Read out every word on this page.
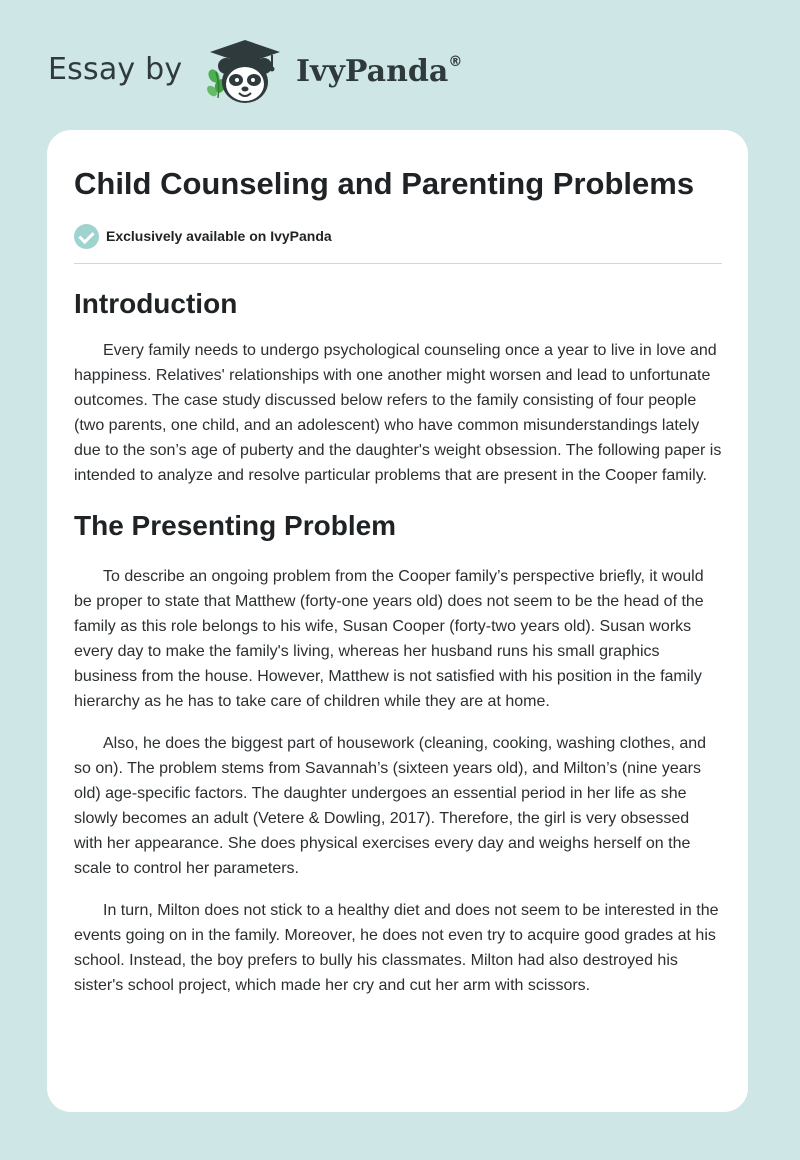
Essay by	IvyPanda®
Child Counseling and Parenting Problems
Exclusively available on IvyPanda
Introduction

Every family needs to undergo psychological counseling once a year to live in love and happiness. Relatives' relationships with one another might worsen and lead to unfortunate outcomes. The case study discussed below refers to the family consisting of four people (two parents, one child, and an adolescent) who have common misunderstandings lately due to the son’s age of puberty and the daughter's weight obsession. The following paper is intended to analyze and resolve particular problems that are present in the Cooper family.

The Presenting Problem

To describe an ongoing problem from the Cooper family’s perspective briefly, it would be proper to state that Matthew (forty-one years old) does not seem to be the head of the family as this role belongs to his wife, Susan Cooper (forty-two years old). Susan works every day to make the family's living, whereas her husband runs his small graphics business from the house. However, Matthew is not satisfied with his position in the family hierarchy as he has to take care of children while they are at home.

Also, he does the biggest part of housework (cleaning, cooking, washing clothes, and so on). The problem stems from Savannah’s (sixteen years old), and Milton’s (nine years old) age-specific factors. The daughter undergoes an essential period in her life as she slowly becomes an adult (Vetere & Dowling, 2017). Therefore, the girl is very obsessed with her appearance. She does physical exercises every day and weighs herself on the scale to control her parameters.

In turn, Milton does not stick to a healthy diet and does not seem to be interested in the events going on in the family. Moreover, he does not even try to acquire good grades at his school. Instead, the boy prefers to bully his classmates. Milton had also destroyed his sister's school project, which made her cry and cut her arm with scissors.
